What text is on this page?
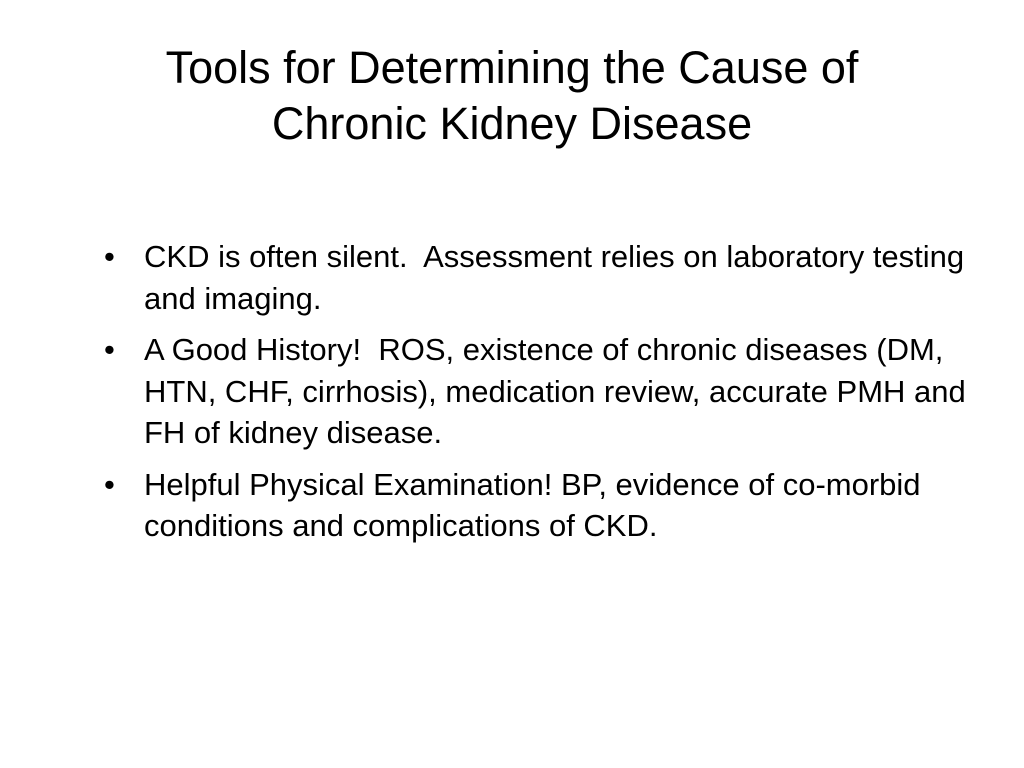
Tools for Determining the Cause of
Chronic Kidney Disease
• CKD is often silent.  Assessment relies on laboratory testing and imaging.
• A Good History!  ROS, existence of chronic diseases (DM, HTN, CHF, cirrhosis), medication review, accurate PMH and FH of kidney disease.
• Helpful Physical Examination! BP, evidence of co-morbid conditions and complications of CKD.
